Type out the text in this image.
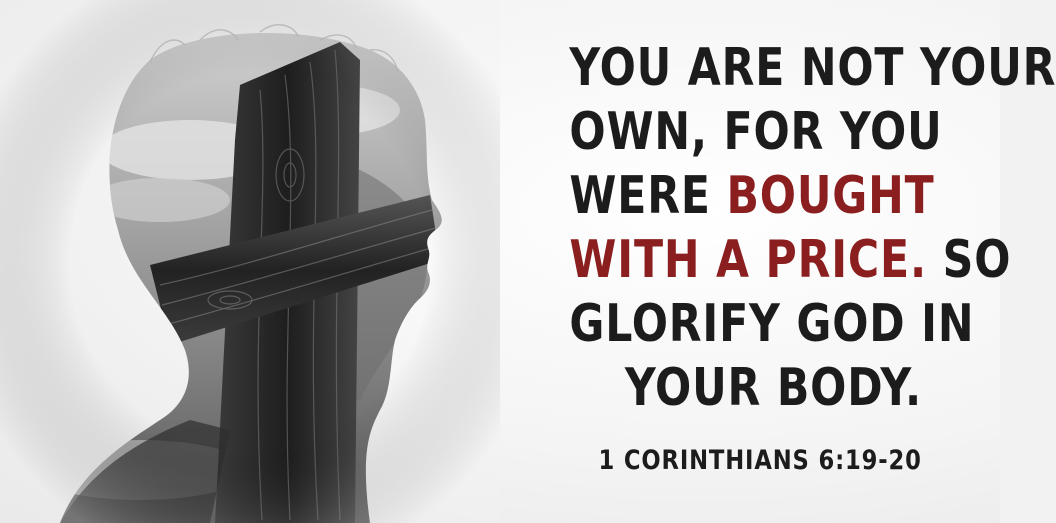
YOU ARE NOT YOUR
OWN, FOR YOU
WERE BOUGHT
WITH A PRICE. SO
GLORIFY GOD IN
YOUR BODY.
1 CORINTHIANS 6:19-20
